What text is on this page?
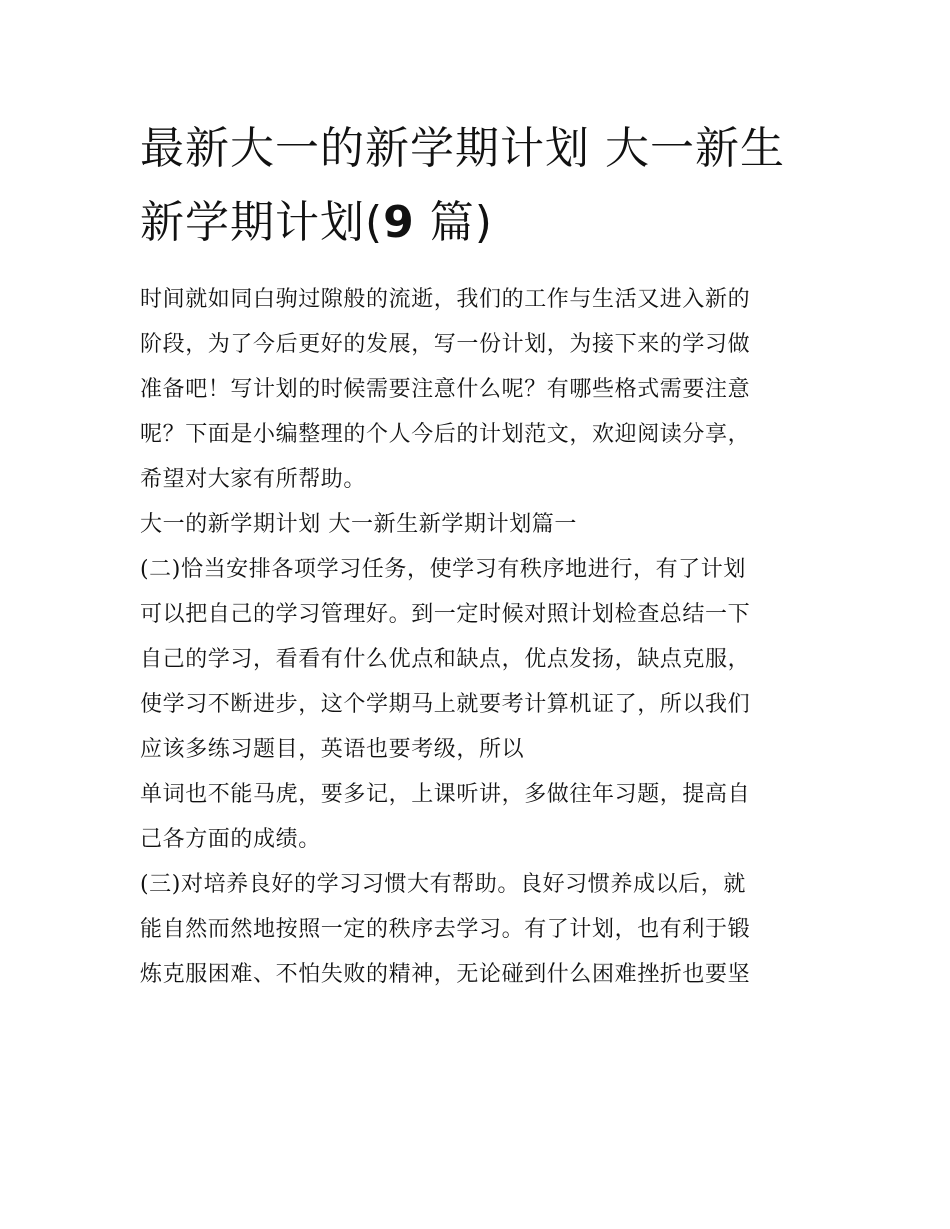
最新大一的新学期计划 大一新生新学期计划(9 篇)
时间就如同白驹过隙般的流逝，我们的工作与生活又进入新的
阶段，为了今后更好的发展，写一份计划，为接下来的学习做
准备吧！写计划的时候需要注意什么呢？有哪些格式需要注意
呢？下面是小编整理的个人今后的计划范文，欢迎阅读分享，
希望对大家有所帮助。
大一的新学期计划 大一新生新学期计划篇一
(二)恰当安排各项学习任务，使学习有秩序地进行，有了计划
可以把自己的学习管理好。到一定时候对照计划检查总结一下
自己的学习，看看有什么优点和缺点，优点发扬，缺点克服，
使学习不断进步，这个学期马上就要考计算机证了，所以我们
应该多练习题目，英语也要考级，所以
单词也不能马虎，要多记，上课听讲，多做往年习题，提高自
己各方面的成绩。
(三)对培养良好的学习习惯大有帮助。良好习惯养成以后，就
能自然而然地按照一定的秩序去学习。有了计划，也有利于锻
炼克服困难、不怕失败的精神，无论碰到什么困难挫折也要坚
